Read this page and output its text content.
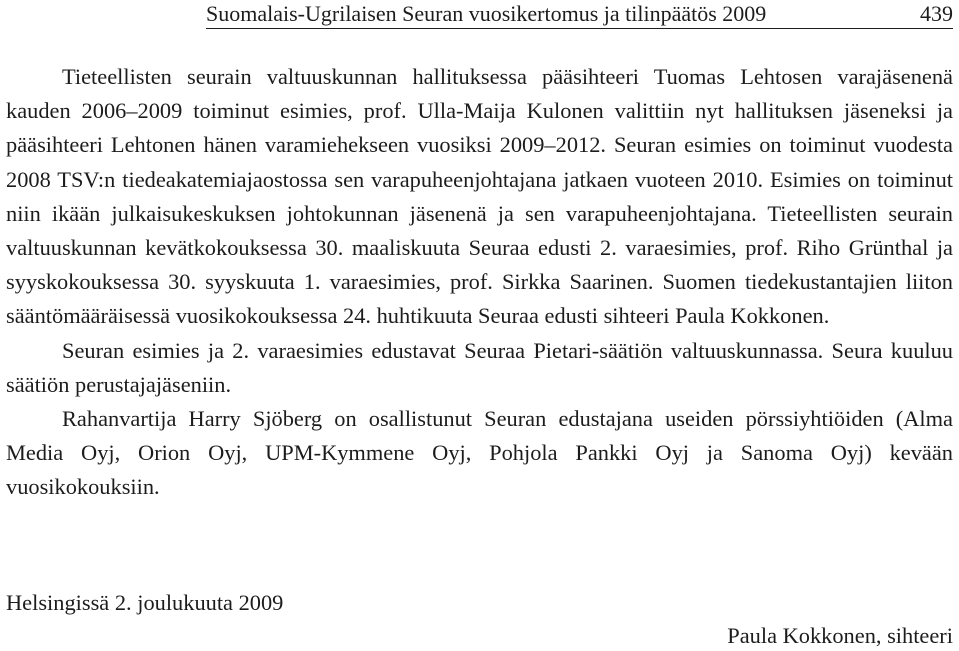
Suomalais-Ugrilaisen Seuran vuosikertomus ja tilinpäätös 2009	439

Tieteellisten seurain valtuuskunnan hallituksessa pääsihteeri Tuomas Lehtosen varajäsenenä kauden 2006–2009 toiminut esimies, prof. Ulla-Maija Kulonen valittiin nyt hallituksen jäseneksi ja pääsihteeri Lehtonen hänen varamiehekseen vuosiksi 2009–2012. Seuran esimies on toiminut vuodesta 2008 TSV:n tiedeakatemiajaostossa sen varapuheenjohtajana jatkaen vuoteen 2010. Esimies on toiminut niin ikään julkaisukeskuksen johtokunnan jäsenenä ja sen varapuheenjohtajana. Tieteellisten seurain valtuuskunnan kevätkokouksessa 30. maaliskuuta Seuraa edusti 2. varaesimies, prof. Riho Grünthal ja syyskokouksessa 30. syyskuuta 1. varaesimies, prof. Sirkka Saarinen. Suomen tiedekustantajien liiton sääntömääräisessä vuosikokouksessa 24. huhtikuuta Seuraa edusti sihteeri Paula Kokkonen.

Seuran esimies ja 2. varaesimies edustavat Seuraa Pietari-säätiön valtuuskunnassa. Seura kuuluu säätiön perustajajäseniin.

Rahanvartija Harry Sjöberg on osallistunut Seuran edustajana useiden pörssiyhtiöiden (Alma Media Oyj, Orion Oyj, UPM-Kymmene Oyj, Pohjola Pankki Oyj ja Sanoma Oyj) kevään vuosikokouksiin.

Helsingissä 2. joulukuuta 2009
Paula Kokkonen, sihteeri
